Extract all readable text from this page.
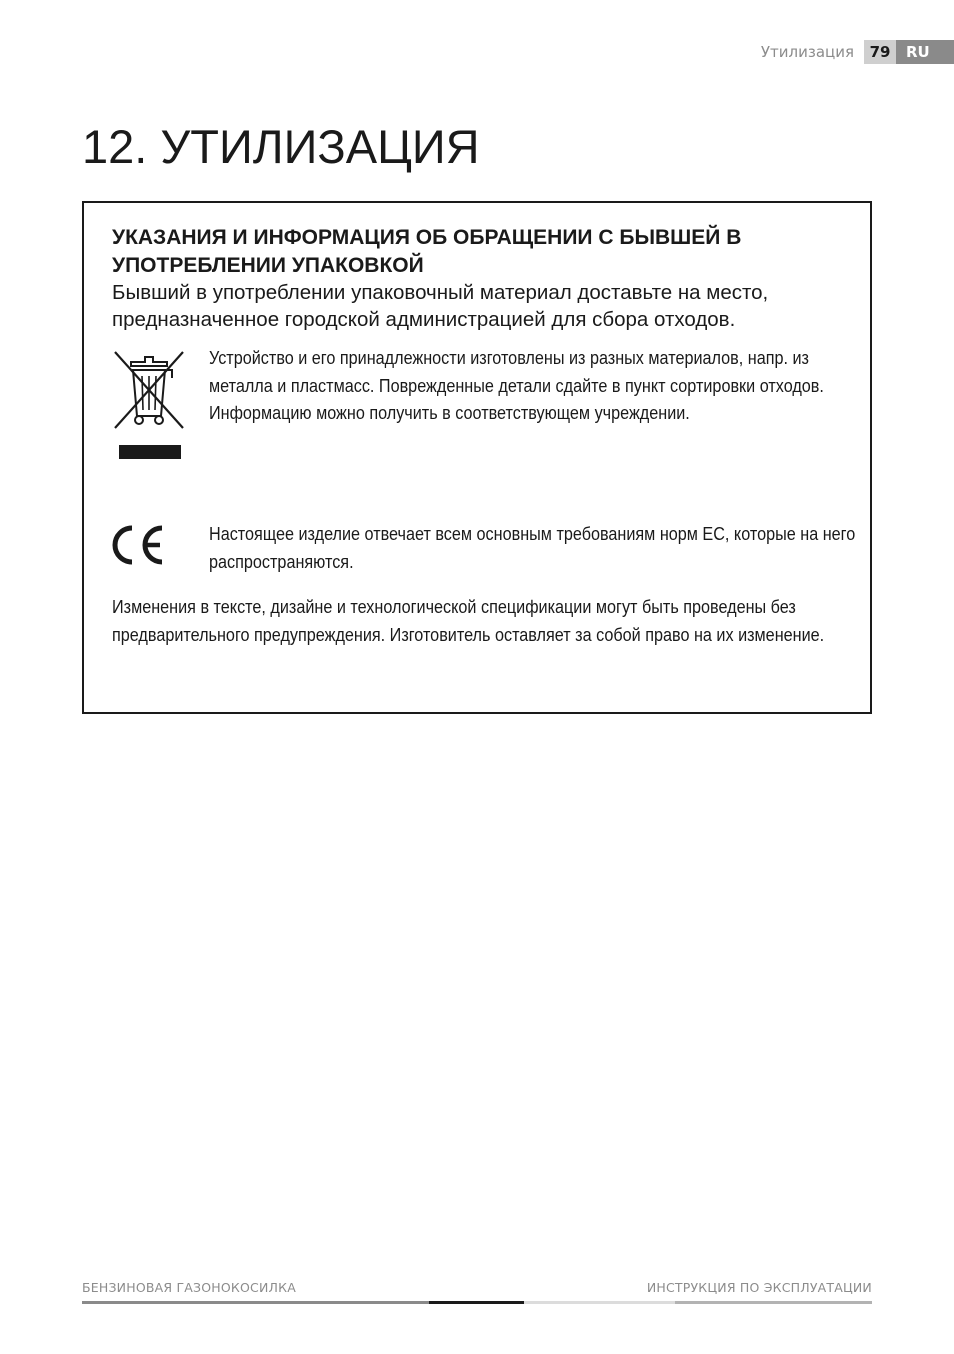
Утилизация	79	RU
12. УТИЛИЗАЦИЯ
УКАЗАНИЯ И ИНФОРМАЦИЯ ОБ ОБРАЩЕНИИ С БЫВШЕЙ В УПОТРЕБЛЕНИИ УПАКОВКОЙ
Бывший в употреблении упаковочный материал доставьте на место, предназначенное городской администрацией для сбора отходов.
Устройство и его принадлежности изготовлены из разных материалов, напр. из металла и пластмасс. Поврежденные детали сдайте в пункт сортировки отходов. Информацию можно получить в соответствующем учреждении.
Настоящее изделие отвечает всем основным требованиям норм ЕС, которые на него распространяются.
Изменения в тексте, дизайне и технологической спецификации могут быть проведены без предварительного предупреждения. Изготовитель оставляет за собой право на их изменение.
БЕНЗИНОВАЯ ГАЗОНОКОСИЛКА	ИНСТРУКЦИЯ ПО ЭКСПЛУАТАЦИИ
